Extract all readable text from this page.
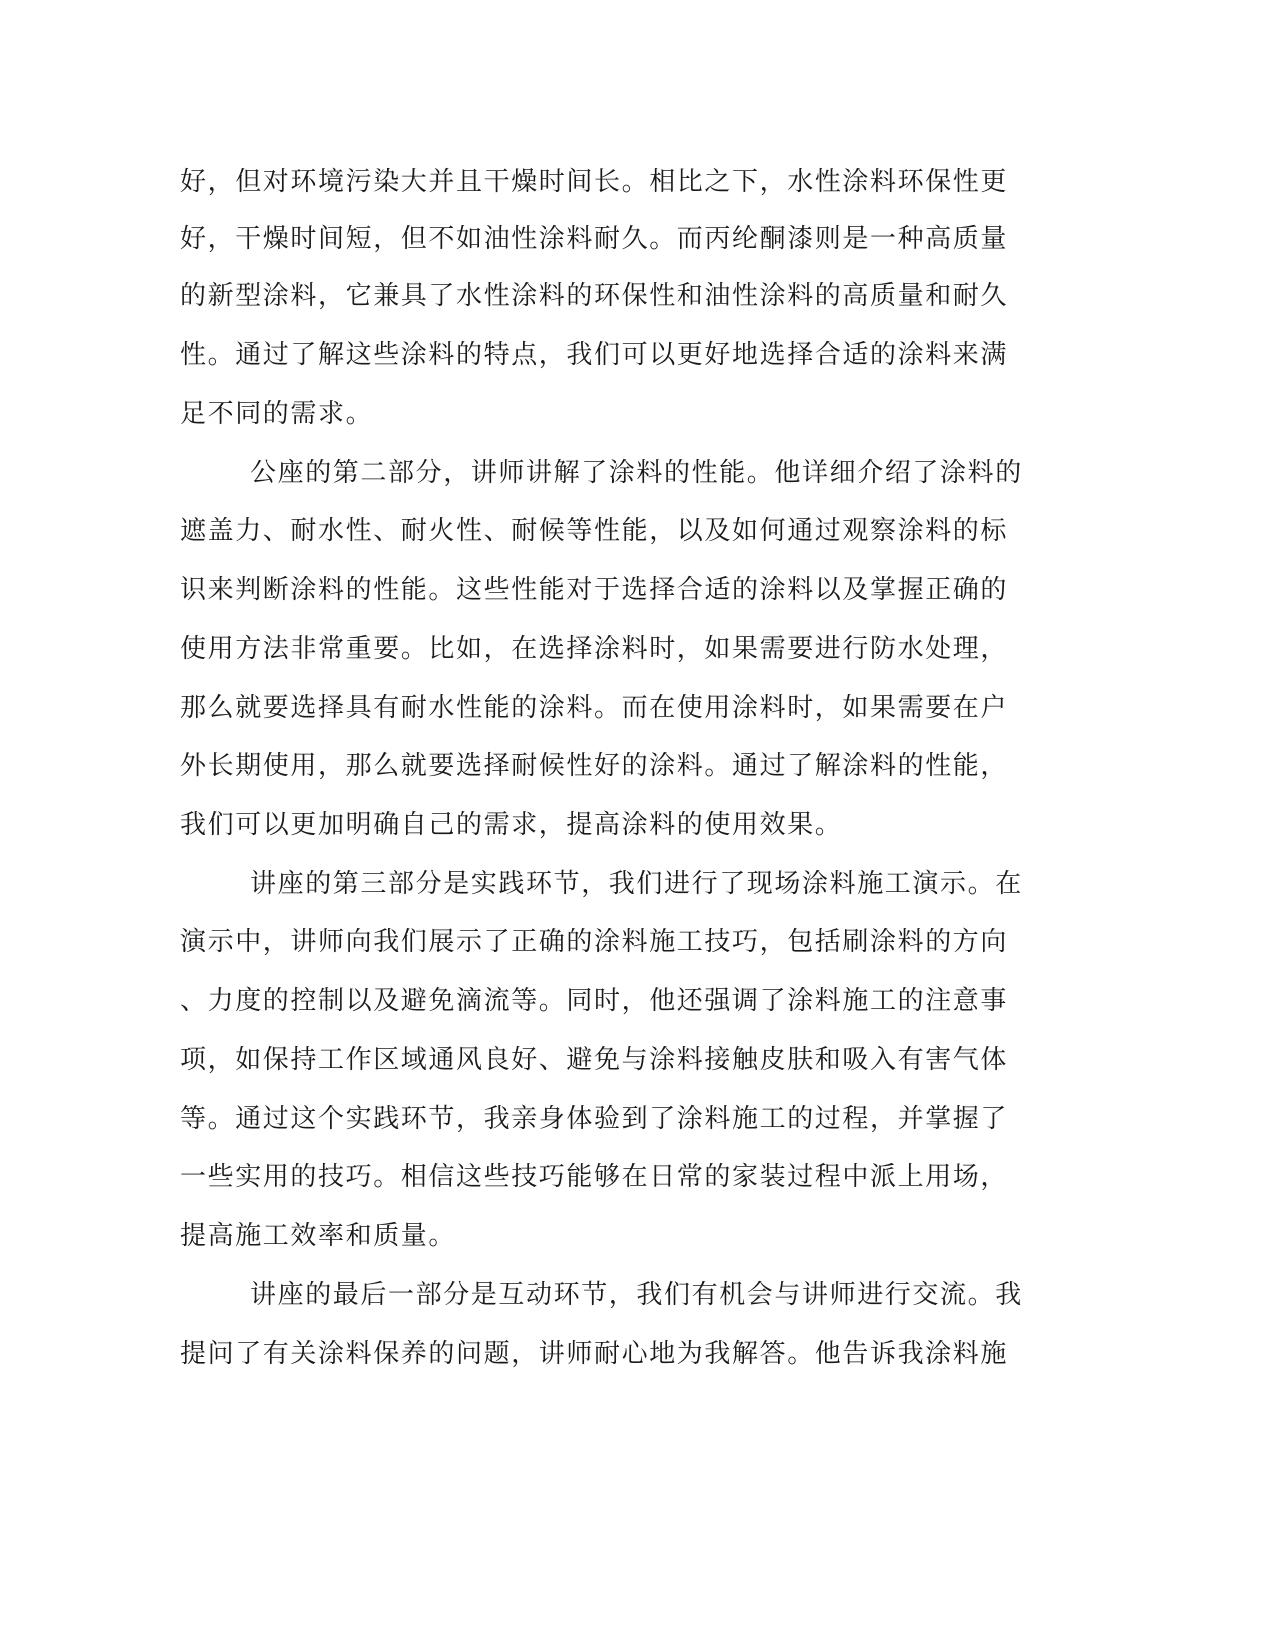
好，但对环境污染大并且干燥时间长。相比之下，水性涂料环保性更
好，干燥时间短，但不如油性涂料耐久。而丙纶酮漆则是一种高质量
的新型涂料，它兼具了水性涂料的环保性和油性涂料的高质量和耐久
性。通过了解这些涂料的特点，我们可以更好地选择合适的涂料来满
足不同的需求。
公座的第二部分，讲师讲解了涂料的性能。他详细介绍了涂料的
遮盖力、耐水性、耐火性、耐候等性能，以及如何通过观察涂料的标
识来判断涂料的性能。这些性能对于选择合适的涂料以及掌握正确的
使用方法非常重要。比如，在选择涂料时，如果需要进行防水处理，
那么就要选择具有耐水性能的涂料。而在使用涂料时，如果需要在户
外长期使用，那么就要选择耐候性好的涂料。通过了解涂料的性能，
我们可以更加明确自己的需求，提高涂料的使用效果。
讲座的第三部分是实践环节，我们进行了现场涂料施工演示。在
演示中，讲师向我们展示了正确的涂料施工技巧，包括刷涂料的方向
、力度的控制以及避免滴流等。同时，他还强调了涂料施工的注意事
项，如保持工作区域通风良好、避免与涂料接触皮肤和吸入有害气体
等。通过这个实践环节，我亲身体验到了涂料施工的过程，并掌握了
一些实用的技巧。相信这些技巧能够在日常的家装过程中派上用场，
提高施工效率和质量。
讲座的最后一部分是互动环节，我们有机会与讲师进行交流。我
提问了有关涂料保养的问题，讲师耐心地为我解答。他告诉我涂料施
